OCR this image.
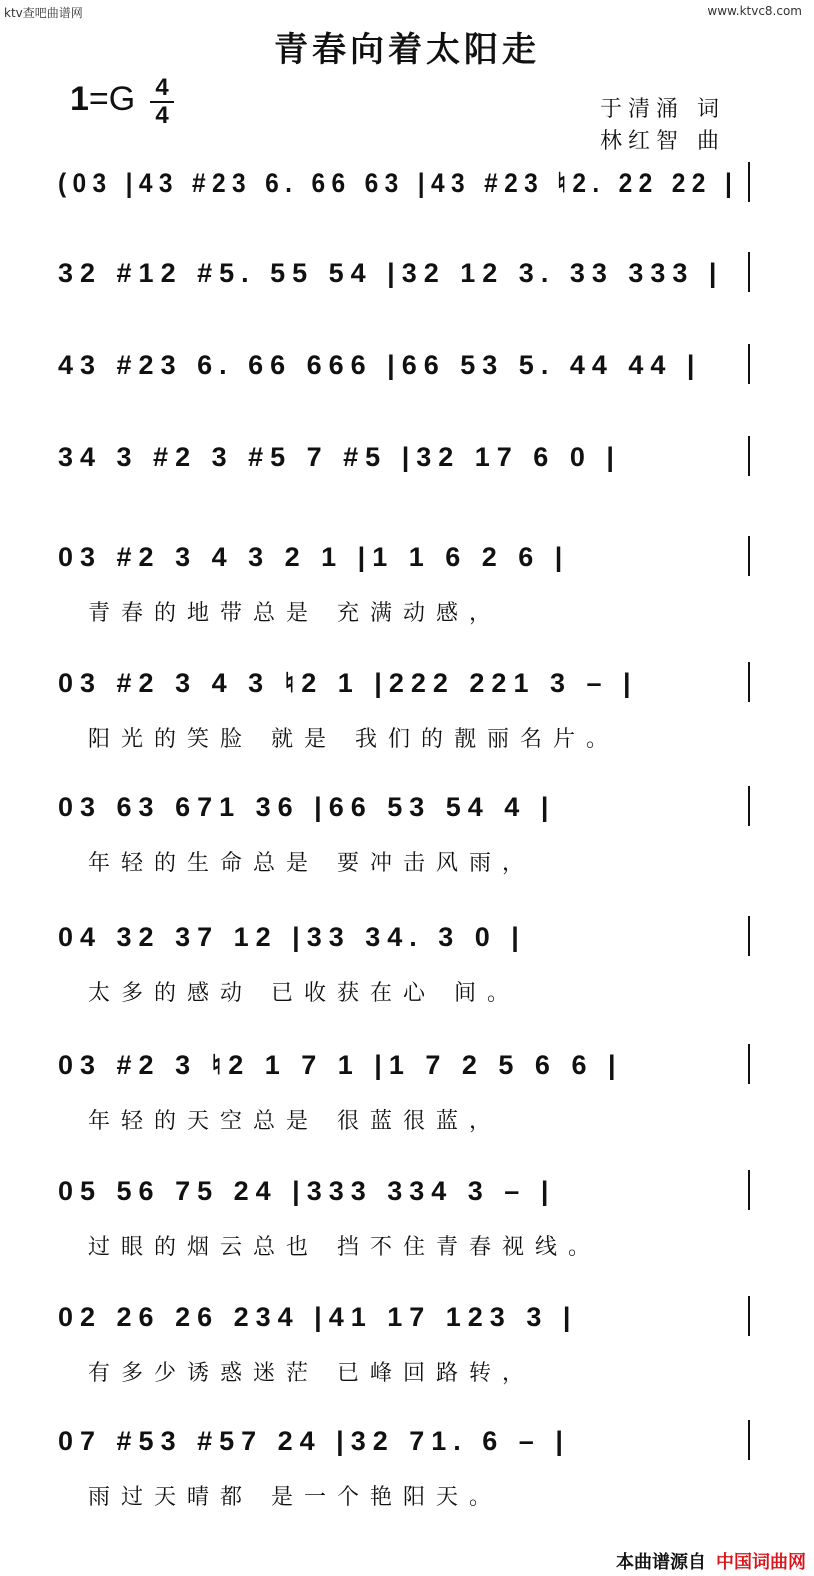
ktv查吧曲谱网	www.ktvc8.com
青春向着太阳走
1=G 4
4	于清涌 词
林红智 曲
(03 |43 #23 6. 66 63 |43 #23 ♮2. 22 22 |
32 #12 #5. 55 54 |32 12 3. 33 333 |
43 #23 6. 66 666 |66 53 5. 44 44 |
34 3 #2 3 #5 7 #5 |32 17 6 0 |
03 #2 3 4 3 2 1 |1 1 6 2 6 |
青春的地带总是 充满动感，
03 #2 3 4 3 ♮2 1 |222 221 3 – |
阳光的笑脸 就是 我们的靓丽名片。
03 63 671 36 |66 53 54 4 |
年轻的生命总是 要冲击风雨，
04 32 37 12 |33 34. 3 0 |
太多的感动 已收获在心 间。
03 #2 3 ♮2 1 7 1 |1 7 2 5 6 6 |
年轻的天空总是 很蓝很蓝，
05 56 75 24 |333 334 3 – |
过眼的烟云总也 挡不住青春视线。
02 26 26 234 |41 17 123 3 |
有多少诱惑迷茫 已峰回路转，
07 #53 #57 24 |32 71. 6 – |
雨过天晴都 是一个艳阳天。
本曲谱源自 中国词曲网
